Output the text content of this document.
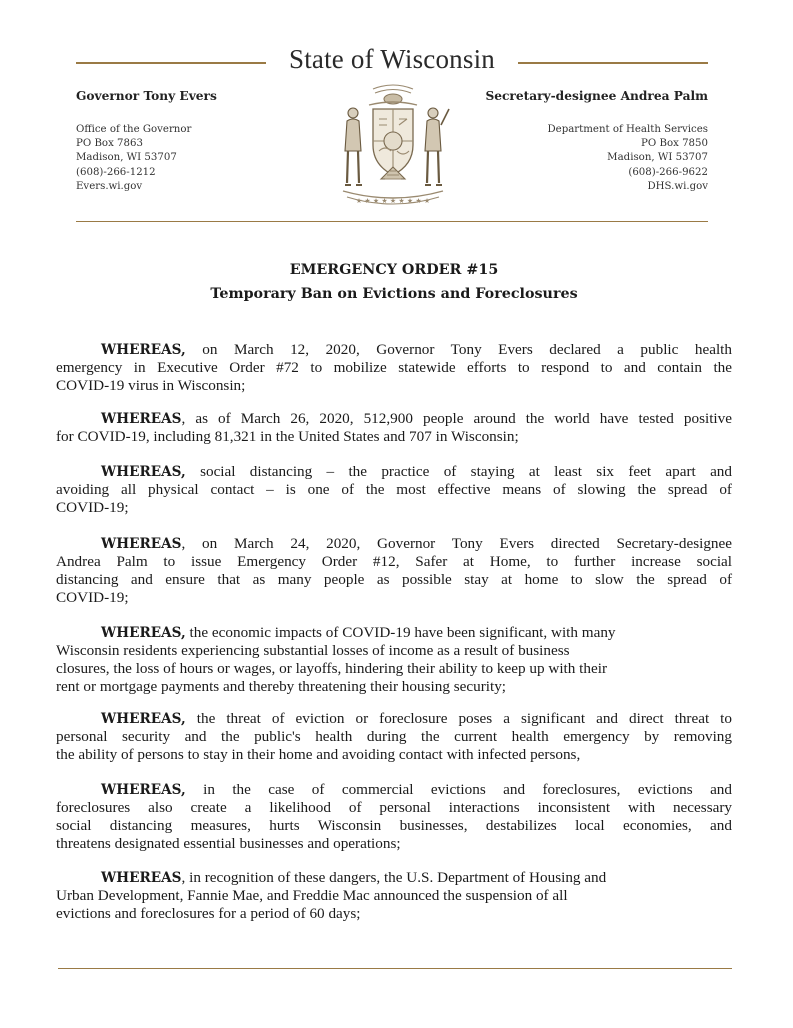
State of Wisconsin
Governor Tony Evers
Office of the Governor
PO Box 7863
Madison, WI 53707
(608)-266-1212
Evers.wi.gov
★ ★ ★ ★ ★ ★ ★ ★ ★
Secretary-designee Andrea Palm
Department of Health Services
PO Box 7850
Madison, WI 53707
(608)-266-9622
DHS.wi.gov
EMERGENCY ORDER #15
Temporary Ban on Evictions and Foreclosures
WHEREAS, on March 12, 2020, Governor Tony Evers declared a public health
emergency in Executive Order #72 to mobilize statewide efforts to respond to and contain the
COVID-19 virus in Wisconsin;
WHEREAS, as of March 26, 2020, 512,900 people around the world have tested positive
for COVID-19, including 81,321 in the United States and 707 in Wisconsin;
WHEREAS, social distancing – the practice of staying at least six feet apart and
avoiding all physical contact – is one of the most effective means of slowing the spread of
COVID-19;
WHEREAS, on March 24, 2020, Governor Tony Evers directed Secretary-designee
Andrea Palm to issue Emergency Order #12, Safer at Home, to further increase social
distancing and ensure that as many people as possible stay at home to slow the spread of
COVID-19;
WHEREAS, the economic impacts of COVID-19 have been significant, with many
Wisconsin residents experiencing substantial losses of income as a result of business
closures, the loss of hours or wages, or layoffs, hindering their ability to keep up with their
rent or mortgage payments and thereby threatening their housing security;
WHEREAS, the threat of eviction or foreclosure poses a significant and direct threat to
personal security and the public's health during the current health emergency by removing
the ability of persons to stay in their home and avoiding contact with infected persons,
WHEREAS, in the case of commercial evictions and foreclosures, evictions and
foreclosures also create a likelihood of personal interactions inconsistent with necessary
social distancing measures, hurts Wisconsin businesses, destabilizes local economies, and
threatens designated essential businesses and operations;
WHEREAS, in recognition of these dangers, the U.S. Department of Housing and
Urban Development, Fannie Mae, and Freddie Mac announced the suspension of all
evictions and foreclosures for a period of 60 days;
